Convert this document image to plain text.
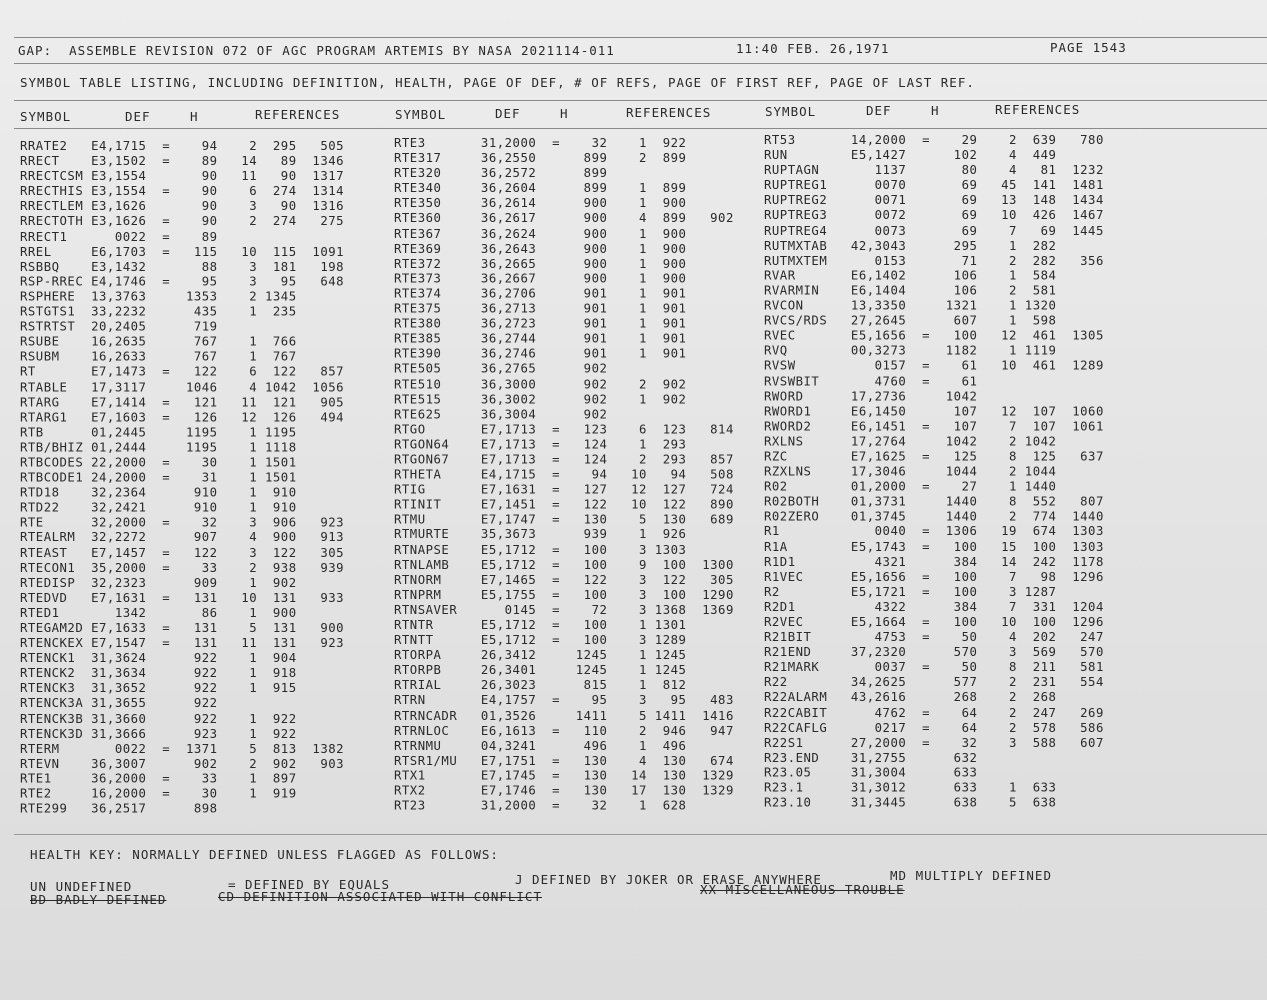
GAP:  ASSEMBLE REVISION 072 OF AGC PROGRAM ARTEMIS BY NASA 2021114-011	11:40 FEB. 26,1971	PAGE 1543
SYMBOL TABLE LISTING, INCLUDING DEFINITION, HEALTH, PAGE OF DEF, # OF REFS, PAGE OF FIRST REF, PAGE OF LAST REF.
SYMBOL	DEF	H	REFERENCES	SYMBOL	DEF	H	REFERENCES	SYMBOL	DEF	H	REFERENCES
RRATE2   E4,1715  =    94    2  295   505
RRECT    E3,1502  =    89   14   89  1346
RRECTCSM E3,1554       90   11   90  1317
RRECTHIS E3,1554  =    90    6  274  1314
RRECTLEM E3,1626       90    3   90  1316
RRECTOTH E3,1626  =    90    2  274   275
RRECT1      0022  =    89
RREL     E6,1703  =   115   10  115  1091
RSBBQ    E3,1432       88    3  181   198
RSP-RREC E4,1746  =    95    3   95   648
RSPHERE  13,3763     1353    2 1345
RSTGTS1  33,2232      435    1  235
RSTRTST  20,2405      719
RSUBE    16,2635      767    1  766
RSUBM    16,2633      767    1  767
RT       E7,1473  =   122    6  122   857
RTABLE   17,3117     1046    4 1042  1056
RTARG    E7,1414  =   121   11  121   905
RTARG1   E7,1603  =   126   12  126   494
RTB      01,2445     1195    1 1195
RTB/BHIZ 01,2444     1195    1 1118
RTBCODES 22,2000  =    30    1 1501
RTBCODE1 24,2000  =    31    1 1501
RTD18    32,2364      910    1  910
RTD22    32,2421      910    1  910
RTE      32,2000  =    32    3  906   923
RTEALRM  32,2272      907    4  900   913
RTEAST   E7,1457  =   122    3  122   305
RTECON1  35,2000  =    33    2  938   939
RTEDISP  32,2323      909    1  902
RTEDVD   E7,1631  =   131   10  131   933
RTED1       1342       86    1  900
RTEGAM2D E7,1633  =   131    5  131   900
RTENCKEX E7,1547  =   131   11  131   923
RTENCK1  31,3624      922    1  904
RTENCK2  31,3634      922    1  918
RTENCK3  31,3652      922    1  915
RTENCK3A 31,3655      922
RTENCK3B 31,3660      922    1  922
RTENCK3D 31,3666      923    1  922
RTERM       0022  =  1371    5  813  1382
RTEVN    36,3007      902    2  902   903
RTE1     36,2000  =    33    1  897
RTE2     16,2000  =    30    1  919
RTE299   36,2517      898
RTE3       31,2000  =    32    1  922
RTE317     36,2550      899    2  899
RTE320     36,2572      899
RTE340     36,2604      899    1  899
RTE350     36,2614      900    1  900
RTE360     36,2617      900    4  899   902
RTE367     36,2624      900    1  900
RTE369     36,2643      900    1  900
RTE372     36,2665      900    1  900
RTE373     36,2667      900    1  900
RTE374     36,2706      901    1  901
RTE375     36,2713      901    1  901
RTE380     36,2723      901    1  901
RTE385     36,2744      901    1  901
RTE390     36,2746      901    1  901
RTE505     36,2765      902
RTE510     36,3000      902    2  902
RTE515     36,3002      902    1  902
RTE625     36,3004      902
RTGO       E7,1713  =   123    6  123   814
RTGON64    E7,1713  =   124    1  293
RTGON67    E7,1713  =   124    2  293   857
RTHETA     E4,1715  =    94   10   94   508
RTIG       E7,1631  =   127   12  127   724
RTINIT     E7,1451  =   122   10  122   890
RTMU       E7,1747  =   130    5  130   689
RTMURTE    35,3673      939    1  926
RTNAPSE    E5,1712  =   100    3 1303
RTNLAMB    E5,1712  =   100    9  100  1300
RTNORM     E7,1465  =   122    3  122   305
RTNPRM     E5,1755  =   100    3  100  1290
RTNSAVER      0145  =    72    3 1368  1369
RTNTR      E5,1712  =   100    1 1301
RTNTT      E5,1712  =   100    3 1289
RTORPA     26,3412     1245    1 1245
RTORPB     26,3401     1245    1 1245
RTRIAL     26,3023      815    1  812
RTRN       E4,1757  =    95    3   95   483
RTRNCADR   01,3526     1411    5 1411  1416
RTRNLOC    E6,1613  =   110    2  946   947
RTRNMU     04,3241      496    1  496
RTSR1/MU   E7,1751  =   130    4  130   674
RTX1       E7,1745  =   130   14  130  1329
RTX2       E7,1746  =   130   17  130  1329
RT23       31,2000  =    32    1  628
RT53       14,2000  =    29    2  639   780
RUN        E5,1427      102    4  449
RUPTAGN       1137       80    4   81  1232
RUPTREG1      0070       69   45  141  1481
RUPTREG2      0071       69   13  148  1434
RUPTREG3      0072       69   10  426  1467
RUPTREG4      0073       69    7   69  1445
RUTMXTAB   42,3043      295    1  282
RUTMXTEM      0153       71    2  282   356
RVAR       E6,1402      106    1  584
RVARMIN    E6,1404      106    2  581
RVCON      13,3350     1321    1 1320
RVCS/RDS   27,2645      607    1  598
RVEC       E5,1656  =   100   12  461  1305
RVQ        00,3273     1182    1 1119
RVSW          0157  =    61   10  461  1289
RVSWBIT       4760  =    61
RWORD      17,2736     1042
RWORD1     E6,1450      107   12  107  1060
RWORD2     E6,1451  =   107    7  107  1061
RXLNS      17,2764     1042    2 1042
RZC        E7,1625  =   125    8  125   637
RZXLNS     17,3046     1044    2 1044
R02        01,2000  =    27    1 1440
R02BOTH    01,3731     1440    8  552   807
R02ZERO    01,3745     1440    2  774  1440
R1            0040  =  1306   19  674  1303
R1A        E5,1743  =   100   15  100  1303
R1D1          4321      384   14  242  1178
R1VEC      E5,1656  =   100    7   98  1296
R2         E5,1721  =   100    3 1287
R2D1          4322      384    7  331  1204
R2VEC      E5,1664  =   100   10  100  1296
R21BIT        4753  =    50    4  202   247
R21END     37,2320      570    3  569   570
R21MARK       0037  =    50    8  211   581
R22        34,2625      577    2  231   554
R22ALARM   43,2616      268    2  268
R22CABIT      4762  =    64    2  247   269
R22CAFLG      0217  =    64    2  578   586
R22S1      27,2000  =    32    3  588   607
R23.END    31,2755      632
R23.05     31,3004      633
R23.1      31,3012      633    1  633
R23.10     31,3445      638    5  638
HEALTH KEY: NORMALLY DEFINED UNLESS FLAGGED AS FOLLOWS:
UN UNDEFINED	= DEFINED BY EQUALS	J DEFINED BY JOKER OR ERASE ANYWHERE	MD MULTIPLY DEFINED
BD BADLY DEFINED	CD DEFINITION ASSOCIATED WITH CONFLICT	XX MISCELLANEOUS TROUBLE
